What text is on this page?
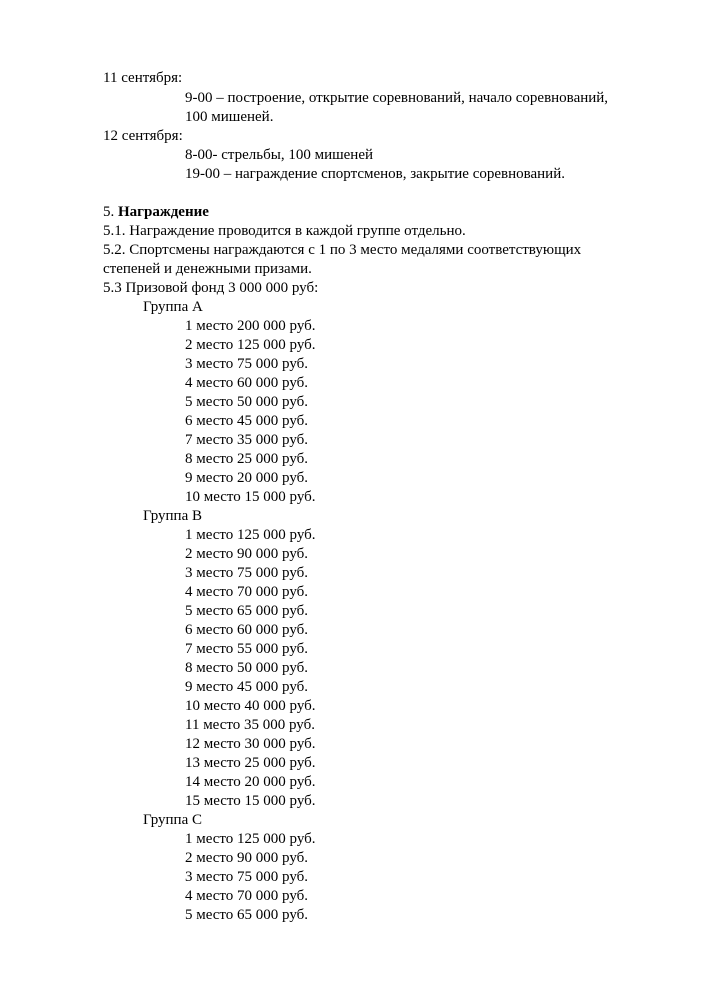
11 сентября:
9-00 – построение, открытие соревнований, начало соревнований,
100 мишеней.
12 сентября:
8-00- стрельбы, 100 мишеней
19-00 – награждение спортсменов, закрытие соревнований.
5. Награждение
5.1. Награждение проводится в каждой группе отдельно.
5.2. Спортсмены награждаются с 1 по 3 место медалями соответствующих
степеней и денежными призами.
5.3 Призовой фонд 3 000 000 руб:
Группа А
1 место 200 000 руб.
2 место 125 000 руб.
3 место 75 000 руб.
4 место 60 000 руб.
5 место 50 000 руб.
6 место 45 000 руб.
7 место 35 000 руб.
8 место 25 000 руб.
9 место 20 000 руб.
10 место 15 000 руб.
Группа В
1 место 125 000 руб.
2 место 90 000 руб.
3 место 75 000 руб.
4 место 70 000 руб.
5 место 65 000 руб.
6 место 60 000 руб.
7 место 55 000 руб.
8 место 50 000 руб.
9 место 45 000 руб.
10 место 40 000 руб.
11 место 35 000 руб.
12 место 30 000 руб.
13 место 25 000 руб.
14 место 20 000 руб.
15 место 15 000 руб.
Группа С
1 место 125 000 руб.
2 место 90 000 руб.
3 место 75 000 руб.
4 место 70 000 руб.
5 место 65 000 руб.
